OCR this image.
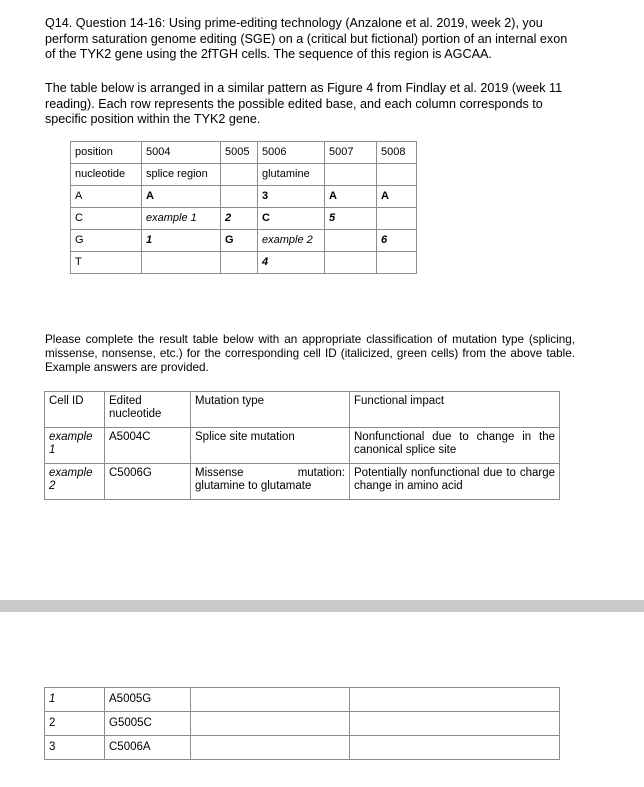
Q14. Question 14-16: Using prime-editing technology (Anzalone et al. 2019, week 2), you perform saturation genome editing (SGE) on a (critical but fictional) portion of an internal exon of the TYK2 gene using the 2fTGH cells. The sequence of this region is AGCAA.

The table below is arranged in a similar pattern as Figure 4 from Findlay et al. 2019 (week 11 reading). Each row represents the possible edited base, and each column corresponds to specific position within the TYK2 gene.

position	5004	5005	5006	5007	5008
nucleotide	splice region		glutamine		
A	A		3	A	A
C	example 1	2	C	5	
G	1	G	example 2		6
T			4		

Please complete the result table below with an appropriate classification of mutation type (splicing, missense, nonsense, etc.) for the corresponding cell ID (italicized, green cells) from the above table. Example answers are provided.

Cell ID	Edited nucleotide	Mutation type	Functional impact
example 1	A5004C	Splice site mutation	Nonfunctional due to change in the canonical splice site
example 2	C5006G	Missense mutation: glutamine to glutamate	Potentially nonfunctional due to charge change in amino acid
1	A5005G		
2	G5005C		
3	C5006A		
